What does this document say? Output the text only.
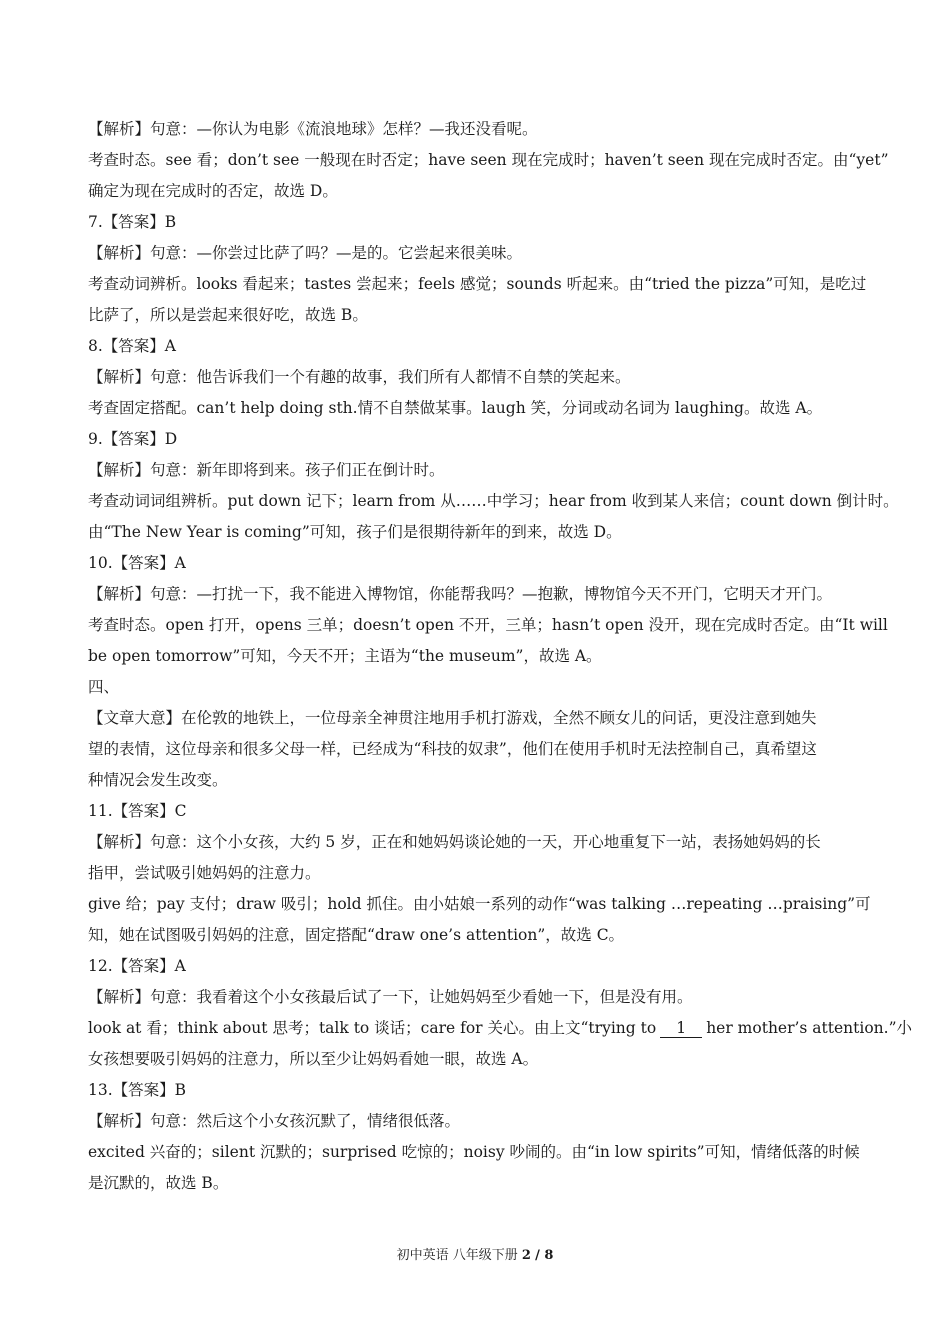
【解析】句意：—你认为电影《流浪地球》怎样？—我还没看呢。
考查时态。see 看；don’t see 一般现在时否定；have seen 现在完成时；haven’t seen 现在完成时否定。由“yet”
确定为现在完成时的否定，故选 D。
7.【答案】B
【解析】句意：—你尝过比萨了吗？—是的。它尝起来很美味。
考查动词辨析。looks 看起来；tastes 尝起来；feels 感觉；sounds 听起来。由“tried the pizza”可知，是吃过
比萨了，所以是尝起来很好吃，故选 B。
8.【答案】A
【解析】句意：他告诉我们一个有趣的故事，我们所有人都情不自禁的笑起来。
考查固定搭配。can’t help doing sth.情不自禁做某事。laugh 笑，分词或动名词为 laughing。故选 A。
9.【答案】D
【解析】句意：新年即将到来。孩子们正在倒计时。
考查动词词组辨析。put down 记下；learn from 从……中学习；hear from 收到某人来信；count down 倒计时。
由“The New Year is coming”可知，孩子们是很期待新年的到来，故选 D。
10.【答案】A
【解析】句意：—打扰一下，我不能进入博物馆，你能帮我吗？—抱歉，博物馆今天不开门，它明天才开门。
考查时态。open 打开，opens 三单；doesn’t open 不开，三单；hasn’t open 没开，现在完成时否定。由“It will
be open tomorrow”可知，今天不开；主语为“the museum”，故选 A。
四、
【文章大意】在伦敦的地铁上，一位母亲全神贯注地用手机打游戏，全然不顾女儿的问话，更没注意到她失
望的表情，这位母亲和很多父母一样，已经成为“科技的奴隶”，他们在使用手机时无法控制自己，真希望这
种情况会发生改变。
11.【答案】C
【解析】句意：这个小女孩，大约 5 岁，正在和她妈妈谈论她的一天，开心地重复下一站，表扬她妈妈的长
指甲，尝试吸引她妈妈的注意力。
give 给；pay 支付；draw 吸引；hold 抓住。由小姑娘一系列的动作“was talking …repeating …praising”可
知，她在试图吸引妈妈的注意，固定搭配“draw one’s attention”，故选 C。
12.【答案】A
【解析】句意：我看着这个小女孩最后试了一下，让她妈妈至少看她一下，但是没有用。
look at 看；think about 思考；talk to 谈话；care for 关心。由上文“trying to 1 her mother’s attention.”小
女孩想要吸引妈妈的注意力，所以至少让妈妈看她一眼，故选 A。
13.【答案】B
【解析】句意：然后这个小女孩沉默了，情绪很低落。
excited 兴奋的；silent 沉默的；surprised 吃惊的；noisy 吵闹的。由“in low spirits”可知，情绪低落的时候
是沉默的，故选 B。
初中英语 八年级下册 2 / 8
